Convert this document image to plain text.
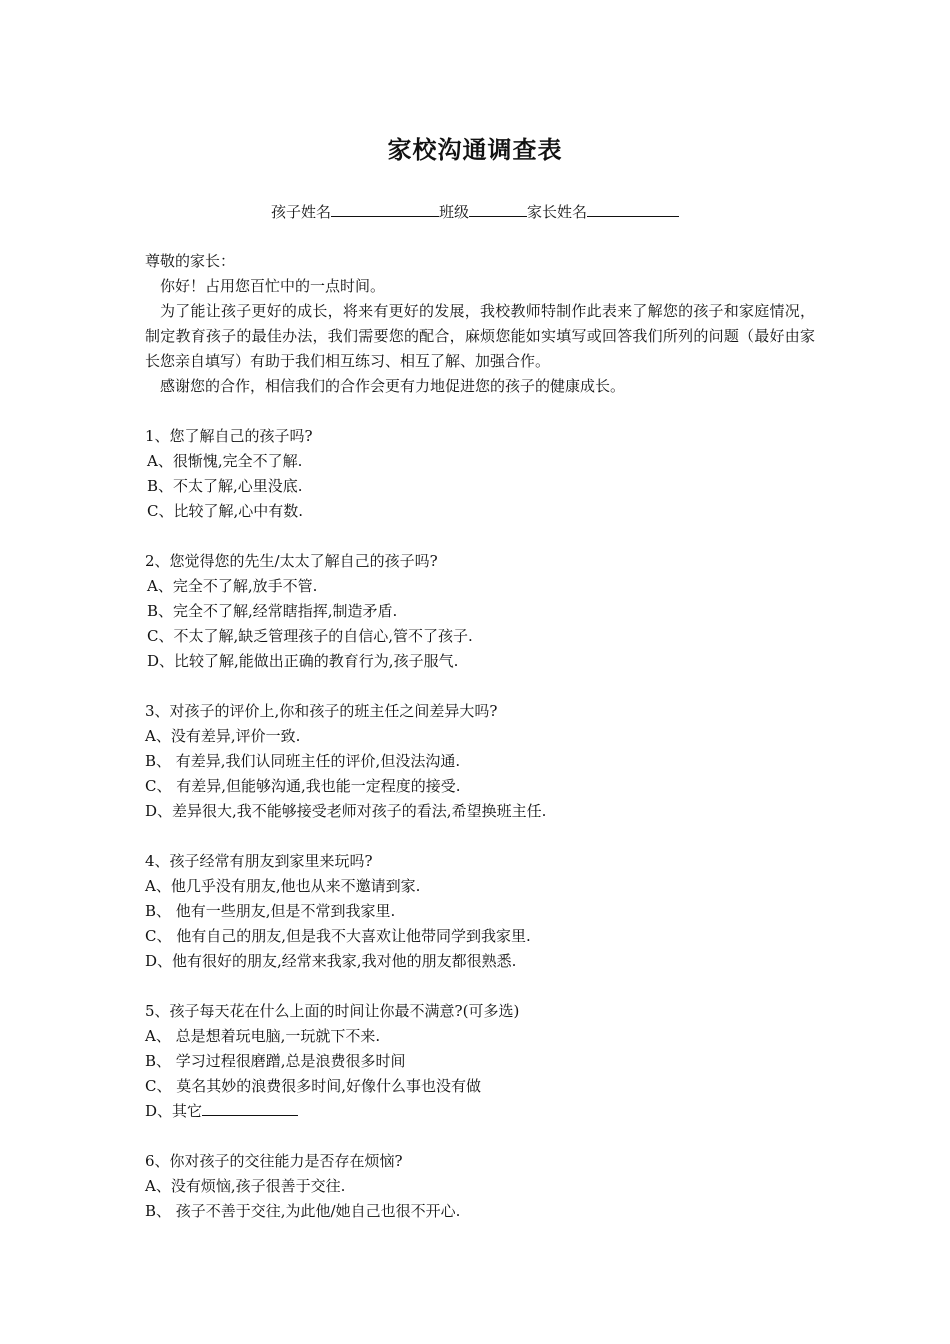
家校沟通调查表
孩子姓名	班级	家长姓名

尊敬的家长：

你好！占用您百忙中的一点时间。

为了能让孩子更好的成长，将来有更好的发展，我校教师特制作此表来了解您的孩子和家庭情况，制定教育孩子的最佳办法，我们需要您的配合，麻烦您能如实填写或回答我们所列的问题（最好由家长您亲自填写）有助于我们相互练习、相互了解、加强合作。

感谢您的合作，相信我们的合作会更有力地促进您的孩子的健康成长。

1、您了解自己的孩子吗?

A、很惭愧,完全不了解.

B、不太了解,心里没底.

C、比较了解,心中有数.

2、您觉得您的先生/太太了解自己的孩子吗?

A、完全不了解,放手不管.

B、完全不了解,经常瞎指挥,制造矛盾.

C、不太了解,缺乏管理孩子的自信心,管不了孩子.

D、比较了解,能做出正确的教育行为,孩子服气.

3、对孩子的评价上,你和孩子的班主任之间差异大吗?

A、没有差异,评价一致.

B、 有差异,我们认同班主任的评价,但没法沟通.

C、 有差异,但能够沟通,我也能一定程度的接受.

D、差异很大,我不能够接受老师对孩子的看法,希望换班主任.

4、孩子经常有朋友到家里来玩吗?

A、他几乎没有朋友,他也从来不邀请到家.

B、 他有一些朋友,但是不常到我家里.

C、 他有自己的朋友,但是我不大喜欢让他带同学到我家里.

D、他有很好的朋友,经常来我家,我对他的朋友都很熟悉.

5、孩子每天花在什么上面的时间让你最不满意?(可多选)

A、 总是想着玩电脑,一玩就下不来.

B、 学习过程很磨蹭,总是浪费很多时间

C、 莫名其妙的浪费很多时间,好像什么事也没有做

D、其它

6、你对孩子的交往能力是否存在烦恼?

A、没有烦恼,孩子很善于交往.

B、 孩子不善于交往,为此他/她自己也很不开心.
